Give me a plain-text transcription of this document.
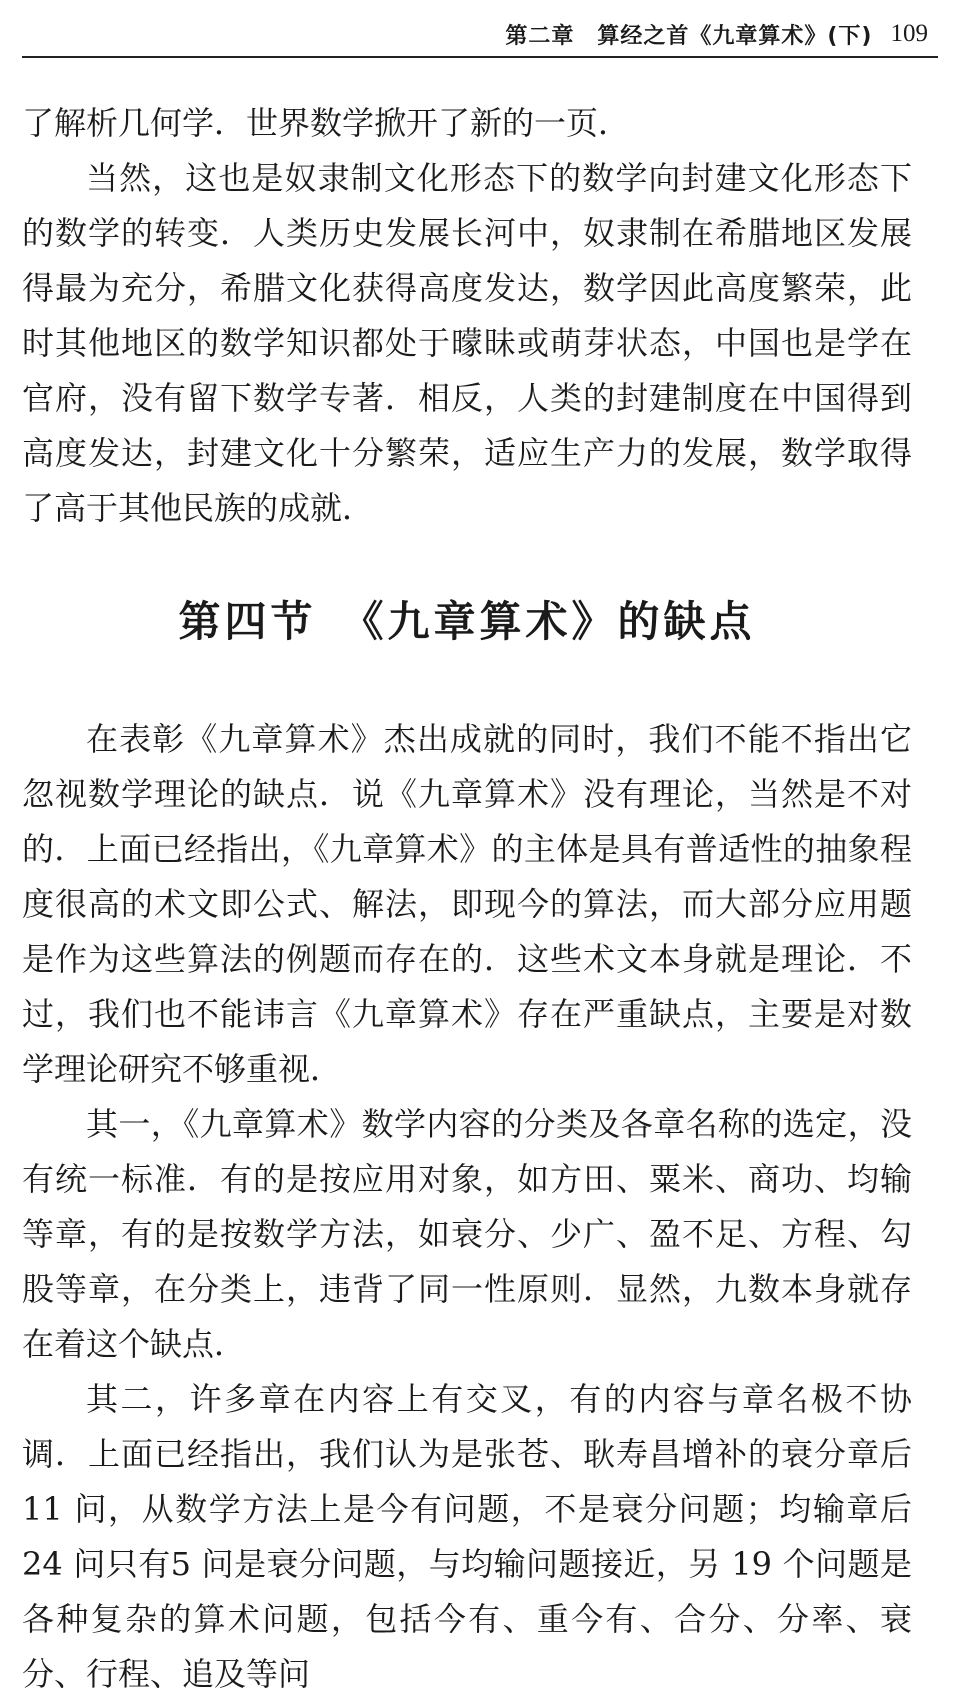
第二章　算经之首《九章算术》(下) 109

了解析几何学．世界数学掀开了新的一页．

当然，这也是奴隶制文化形态下的数学向封建文化形态下的数学的转变．人类历史发展长河中，奴隶制在希腊地区发展得最为充分，希腊文化获得高度发达，数学因此高度繁荣，此时其他地区的数学知识都处于曚昧或萌芽状态，中国也是学在官府，没有留下数学专著．相反，人类的封建制度在中国得到高度发达，封建文化十分繁荣，适应生产力的发展，数学取得了高于其他民族的成就．

第四节　《九章算术》的缺点

在表彰《九章算术》杰出成就的同时，我们不能不指出它忽视数学理论的缺点．说《九章算术》没有理论，当然是不对的．上面已经指出，《九章算术》的主体是具有普适性的抽象程度很高的术文即公式、解法，即现今的算法，而大部分应用题是作为这些算法的例题而存在的．这些术文本身就是理论．不过，我们也不能讳言《九章算术》存在严重缺点，主要是对数学理论研究不够重视．

其一，《九章算术》数学内容的分类及各章名称的选定，没有统一标准．有的是按应用对象，如方田、粟米、商功、均输等章，有的是按数学方法，如衰分、少广、盈不足、方程、勾股等章，在分类上，违背了同一性原则．显然，九数本身就存在着这个缺点．

其二，许多章在内容上有交叉，有的内容与章名极不协调．上面已经指出，我们认为是张苍、耿寿昌增补的衰分章后 11 问，从数学方法上是今有问题，不是衰分问题；均输章后 24 问只有5 问是衰分问题，与均输问题接近，另 19 个问题是各种复杂的算术问题，包括今有、重今有、合分、分率、衰分、行程、追及等问
